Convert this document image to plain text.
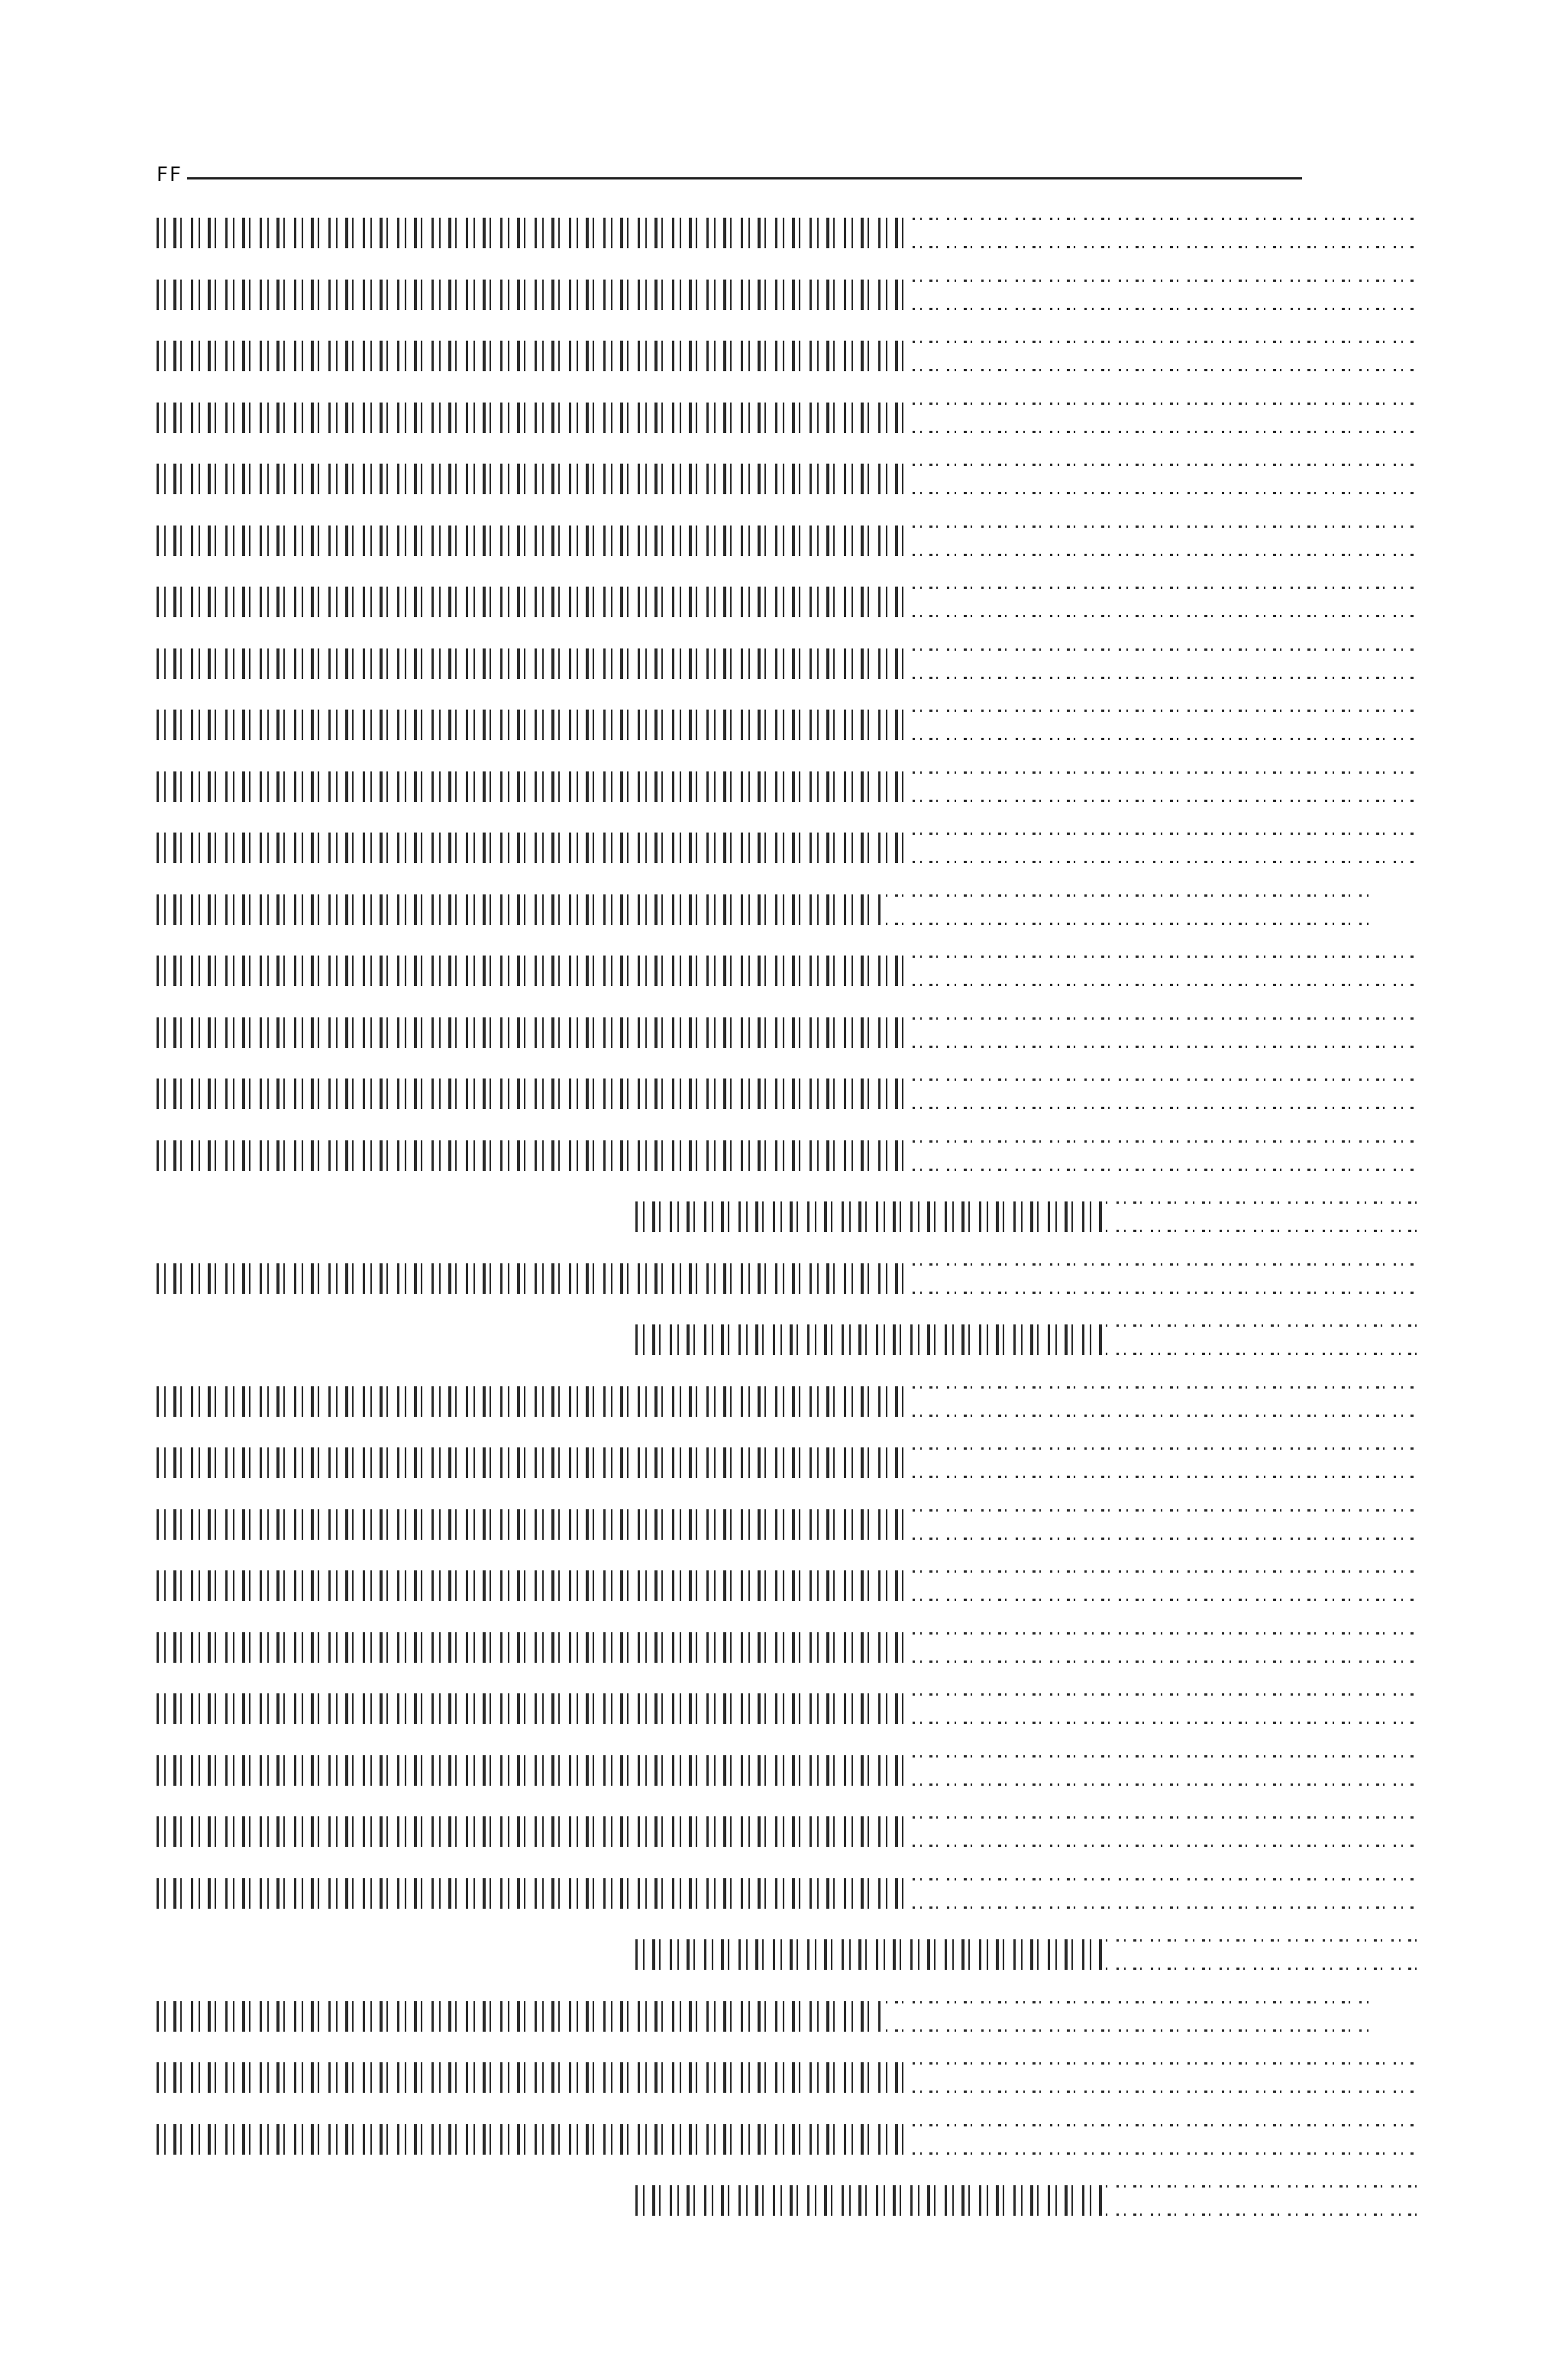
FF
